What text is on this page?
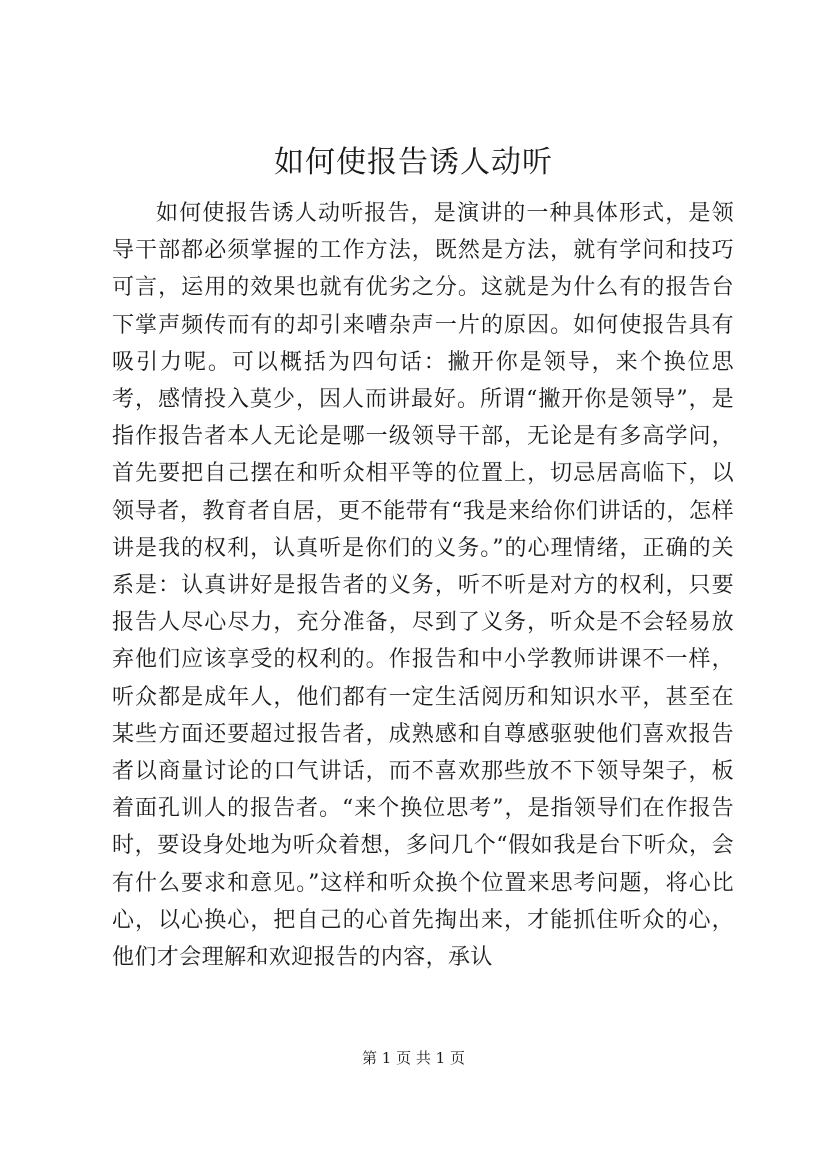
如何使报告诱人动听

如何使报告诱人动听报告，是演讲的一种具体形式，是领导干部都必须掌握的工作方法，既然是方法，就有学问和技巧可言，运用的效果也就有优劣之分。这就是为什么有的报告台下掌声频传而有的却引来嘈杂声一片的原因。如何使报告具有吸引力呢。可以概括为四句话：撇开你是领导，来个换位思考，感情投入莫少，因人而讲最好。所谓“撇开你是领导”，是指作报告者本人无论是哪一级领导干部，无论是有多高学问，首先要把自己摆在和听众相平等的位置上，切忌居高临下，以领导者，教育者自居，更不能带有“我是来给你们讲话的，怎样讲是我的权利，认真听是你们的义务。”的心理情绪，正确的关系是：认真讲好是报告者的义务，听不听是对方的权利，只要报告人尽心尽力，充分准备，尽到了义务，听众是不会轻易放弃他们应该享受的权利的。作报告和中小学教师讲课不一样，听众都是成年人，他们都有一定生活阅历和知识水平，甚至在某些方面还要超过报告者，成熟感和自尊感驱驶他们喜欢报告者以商量讨论的口气讲话，而不喜欢那些放不下领导架子，板着面孔训人的报告者。“来个换位思考”，是指领导们在作报告时，要设身处地为听众着想，多问几个“假如我是台下听众，会有什么要求和意见。”这样和听众换个位置来思考问题，将心比心，以心换心，把自己的心首先掏出来，才能抓住听众的心，他们才会理解和欢迎报告的内容，承认

第 1 页 共 1 页
